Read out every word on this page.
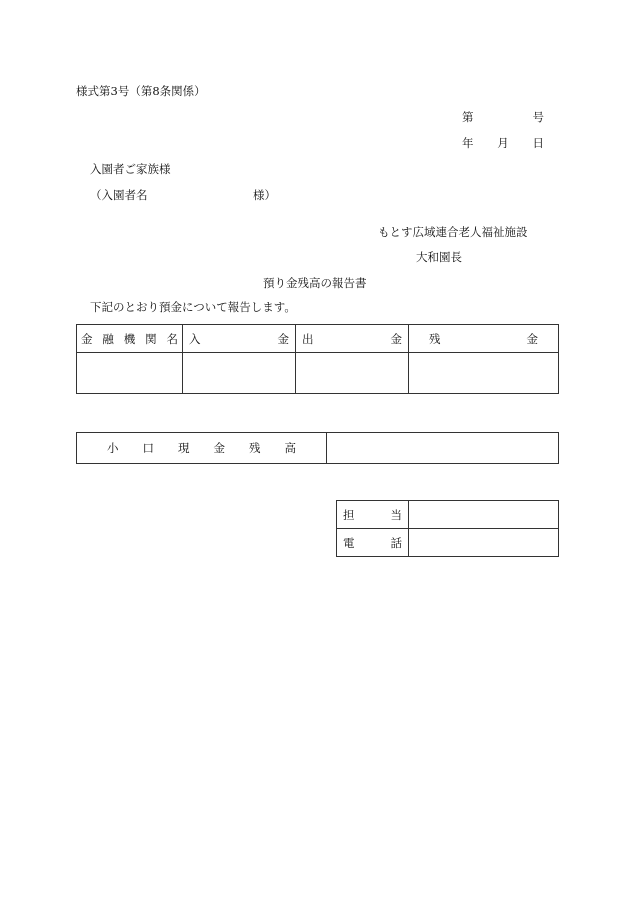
様式第3号（第8条関係）
第	号
年 月 日
入園者ご家族様
（入園者名	様）
もとす広域連合老人福祉施設
大和園長
預り金残高の報告書
下記のとおり預金について報告します。
金 融 機 関 名	入 金	出 金	残 金

小 口 現 金 残 高

担 当	

電 話	
